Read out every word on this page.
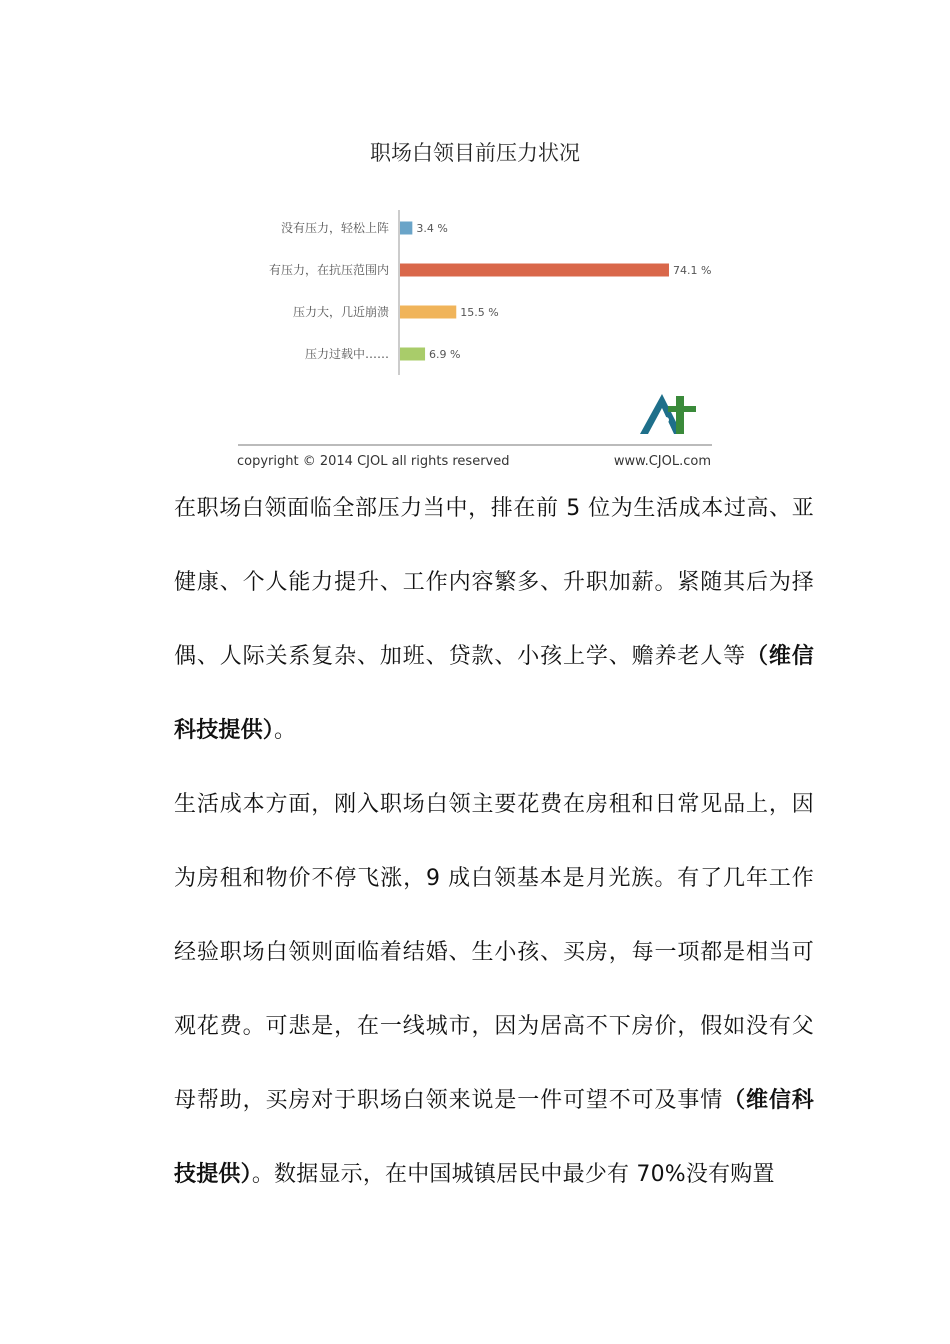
职场白领目前压力状况
没有压力，轻松上阵 3.4 %
有压力，在抗压范围内	74.1 %
压力大，几近崩溃	15.5 %
压力过载中……	6.9 %
copyright © 2014 CJOL all rights reserved	www.CJOL.com

在职场白领面临全部压力当中，排在前 5 位为生活成本过高、亚健康、个人能力提升、工作内容繁多、升职加薪。紧随其后为择偶、人际关系复杂、加班、贷款、小孩上学、赡养老人等（维信科技提供）。

生活成本方面，刚入职场白领主要花费在房租和日常见品上，因为房租和物价不停飞涨，9 成白领基本是月光族。有了几年工作经验职场白领则面临着结婚、生小孩、买房，每一项都是相当可观花费。可悲是，在一线城市，因为居高不下房价，假如没有父母帮助，买房对于职场白领来说是一件可望不可及事情（维信科技提供）。数据显示，在中国城镇居民中最少有 70%没有购置
